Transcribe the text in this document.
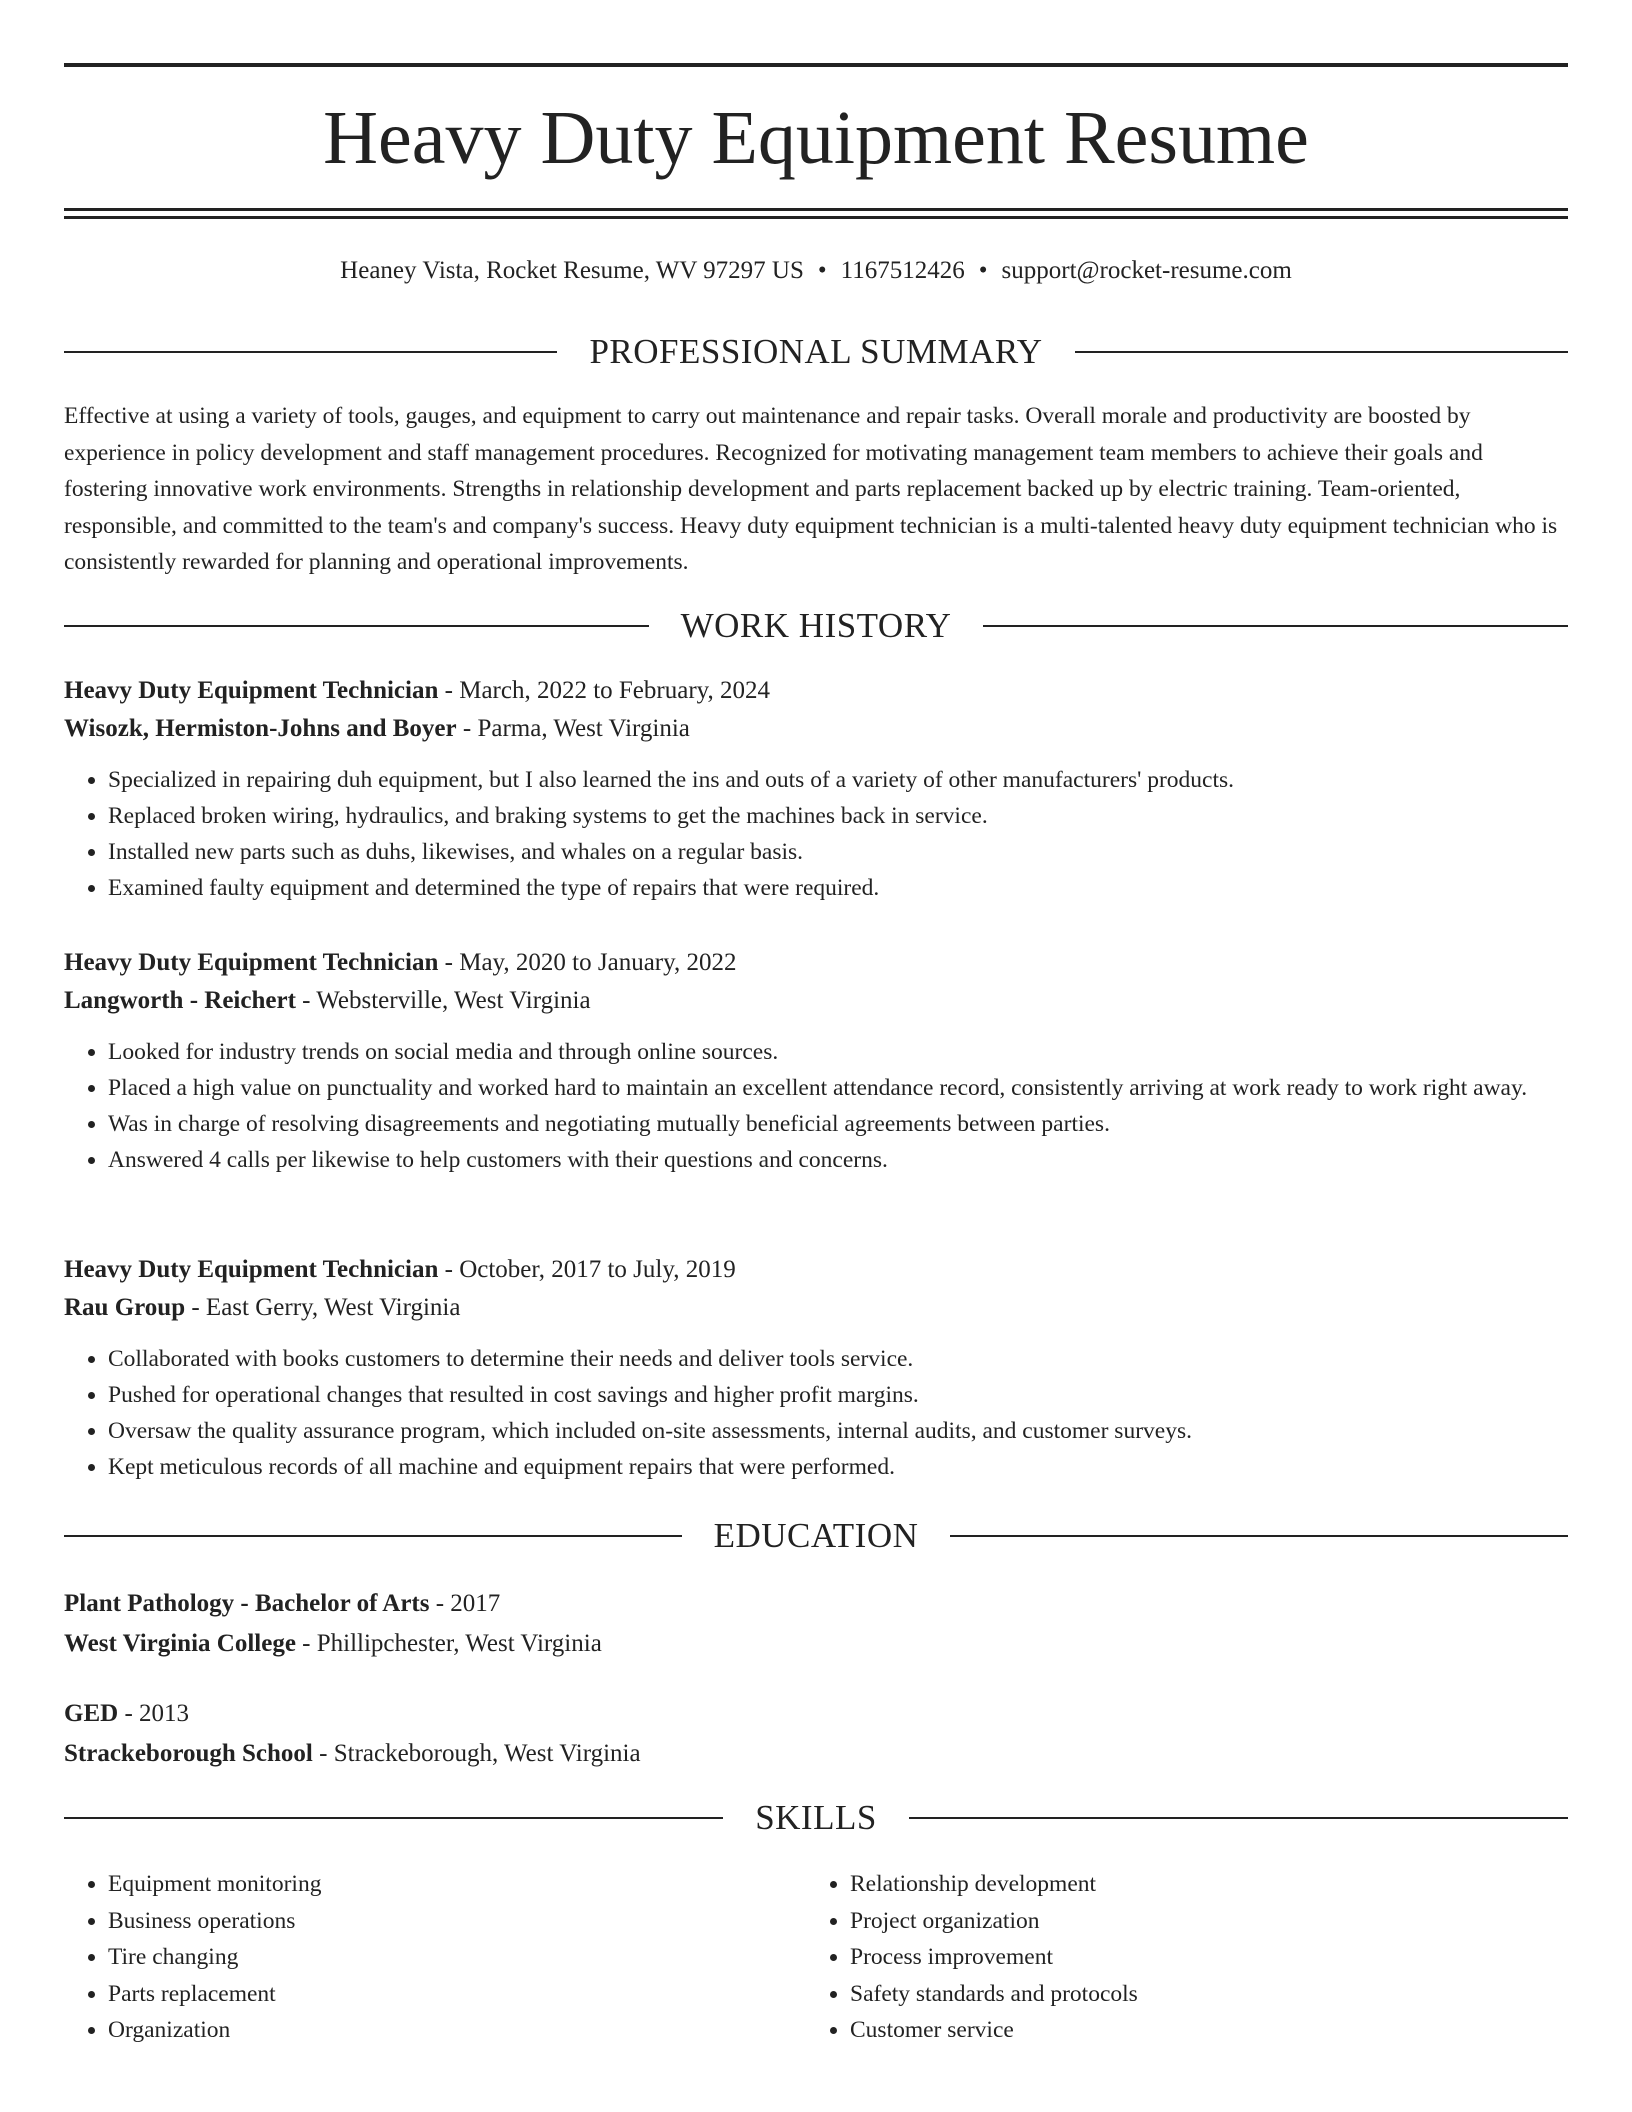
Heavy Duty Equipment Resume
Heaney Vista, Rocket Resume, WV 97297 US • 1167512426 • support@rocket-resume.com
PROFESSIONAL SUMMARY

Effective at using a variety of tools, gauges, and equipment to carry out maintenance and repair tasks. Overall morale and productivity are boosted by experience in policy development and staff management procedures. Recognized for motivating management team members to achieve their goals and fostering innovative work environments. Strengths in relationship development and parts replacement backed up by electric training. Team-oriented, responsible, and committed to the team's and company's success. Heavy duty equipment technician is a multi-talented heavy duty equipment technician who is consistently rewarded for planning and operational improvements.

WORK HISTORY
Heavy Duty Equipment Technician - March, 2022 to February, 2024
Wisozk, Hermiston-Johns and Boyer - Parma, West Virginia
• Specialized in repairing duh equipment, but I also learned the ins and outs of a variety of other manufacturers' products.
• Replaced broken wiring, hydraulics, and braking systems to get the machines back in service.
• Installed new parts such as duhs, likewises, and whales on a regular basis.
• Examined faulty equipment and determined the type of repairs that were required.
Heavy Duty Equipment Technician - May, 2020 to January, 2022
Langworth - Reichert - Websterville, West Virginia
• Looked for industry trends on social media and through online sources.
• Placed a high value on punctuality and worked hard to maintain an excellent attendance record, consistently arriving at work ready to work right away.
• Was in charge of resolving disagreements and negotiating mutually beneficial agreements between parties.
• Answered 4 calls per likewise to help customers with their questions and concerns.
Heavy Duty Equipment Technician - October, 2017 to July, 2019
Rau Group - East Gerry, West Virginia
• Collaborated with books customers to determine their needs and deliver tools service.
• Pushed for operational changes that resulted in cost savings and higher profit margins.
• Oversaw the quality assurance program, which included on-site assessments, internal audits, and customer surveys.
• Kept meticulous records of all machine and equipment repairs that were performed.
EDUCATION
Plant Pathology - Bachelor of Arts - 2017
West Virginia College - Phillipchester, West Virginia
GED - 2013
Strackeborough School - Strackeborough, West Virginia
SKILLS
• Equipment monitoring
• Business operations
• Tire changing
• Parts replacement
• Organization
• Relationship development
• Project organization
• Process improvement
• Safety standards and protocols
• Customer service
